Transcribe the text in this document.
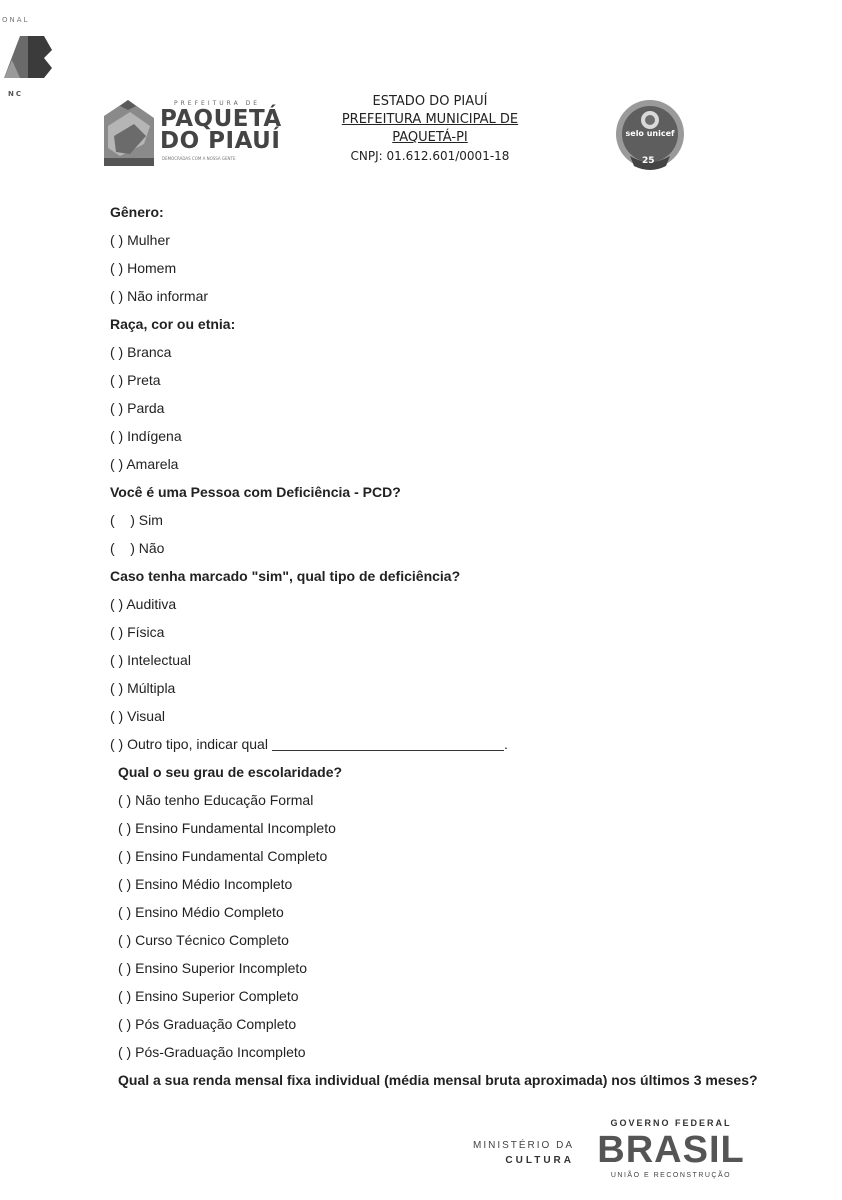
ONAL
NC
PREFEITURA DE
PAQUETÁ
DO PIAUÍ
DEMOCRADAS COM A NOSSA GENTE
ESTADO DO PIAUÍ
PREFEITURA MUNICIPAL DE
PAQUETÁ-PI
CNPJ: 01.612.601/0001-18
selo unicef
25
Gênero:
( ) Mulher
( ) Homem
( ) Não informar
Raça, cor ou etnia:
( ) Branca
( ) Preta
( ) Parda
( ) Indígena
( ) Amarela
Você é uma Pessoa com Deficiência - PCD?
(    ) Sim
(    ) Não
Caso tenha marcado "sim", qual tipo de deficiência?
( ) Auditiva
( ) Física
( ) Intelectual
( ) Múltipla
( ) Visual
( ) Outro tipo, indicar qual	.
Qual o seu grau de escolaridade?
( ) Não tenho Educação Formal
( ) Ensino Fundamental Incompleto
( ) Ensino Fundamental Completo
( ) Ensino Médio Incompleto
( ) Ensino Médio Completo
( ) Curso Técnico Completo
( ) Ensino Superior Incompleto
( ) Ensino Superior Completo
( ) Pós Graduação Completo
( ) Pós-Graduação Incompleto
Qual a sua renda mensal fixa individual (média mensal bruta aproximada) nos últimos 3 meses?
MINISTÉRIO DA
CULTURA
GOVERNO FEDERAL
BRASIL
UNIÃO E RECONSTRUÇÃO
